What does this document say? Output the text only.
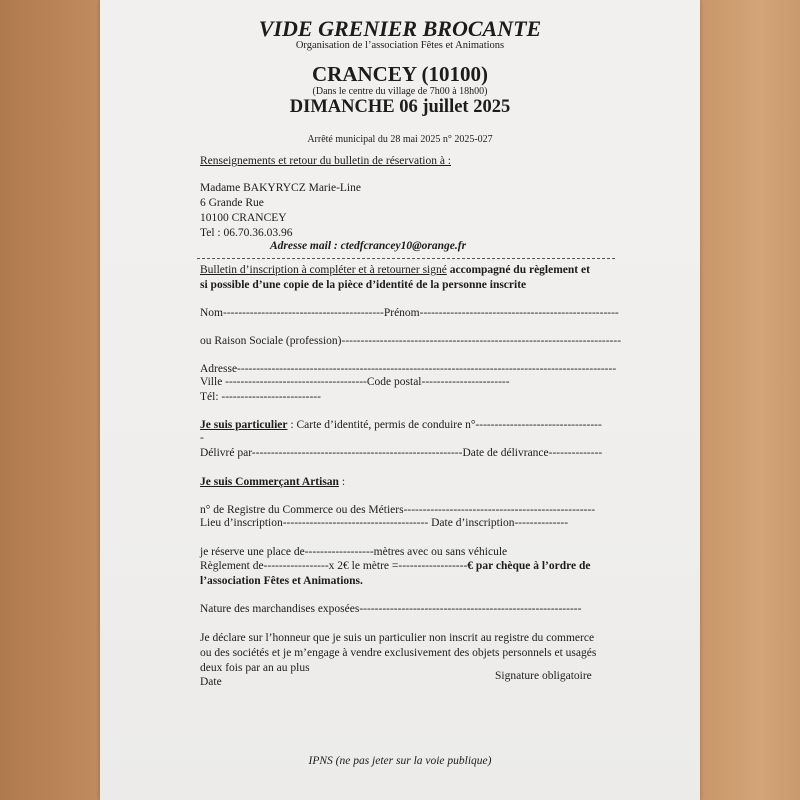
VIDE GRENIER BROCANTE
Organisation de l’association Fêtes et Animations
CRANCEY (10100)
(Dans le centre du village de 7h00 à 18h00)
DIMANCHE 06 juillet 2025
Arrêté municipal du 28 mai 2025 n° 2025-027
Renseignements et retour du bulletin de réservation à :
Madame BAKYRYCZ Marie-Line
6 Grande Rue
10100 CRANCEY
Tel : 06.70.36.03.96
Adresse mail : ctedfcrancey10@orange.fr
Bulletin d’inscription à compléter et à retourner signé accompagné du règlement et
si possible d’une copie de la pièce d’identité de la personne inscrite
Nom------------------------------------------Prénom----------------------------------------------------
ou Raison Sociale (profession)-------------------------------------------------------------------------
Adresse---------------------------------------------------------------------------------------------------
Ville -------------------------------------Code postal-----------------------
Tél: --------------------------
Je suis particulier : Carte d’identité, permis de conduire n°---------------------------------
-
Délivré par-------------------------------------------------------Date de délivrance--------------
Je suis Commerçant Artisan :
n° de Registre du Commerce ou des Métiers--------------------------------------------------
Lieu d’inscription-------------------------------------- Date d’inscription--------------
je réserve une place de------------------mètres avec ou sans véhicule
Règlement de-----------------x 2€ le mètre =------------------€ par chèque à l’ordre de
l’association Fêtes et Animations.
Nature des marchandises exposées----------------------------------------------------------
Je déclare sur l’honneur que je suis un particulier non inscrit au registre du commerce
ou des sociétés et je m’engage à vendre exclusivement des objets personnels et usagés
deux fois par an au plus
Date	Signature obligatoire
IPNS (ne pas jeter sur la voie publique)
